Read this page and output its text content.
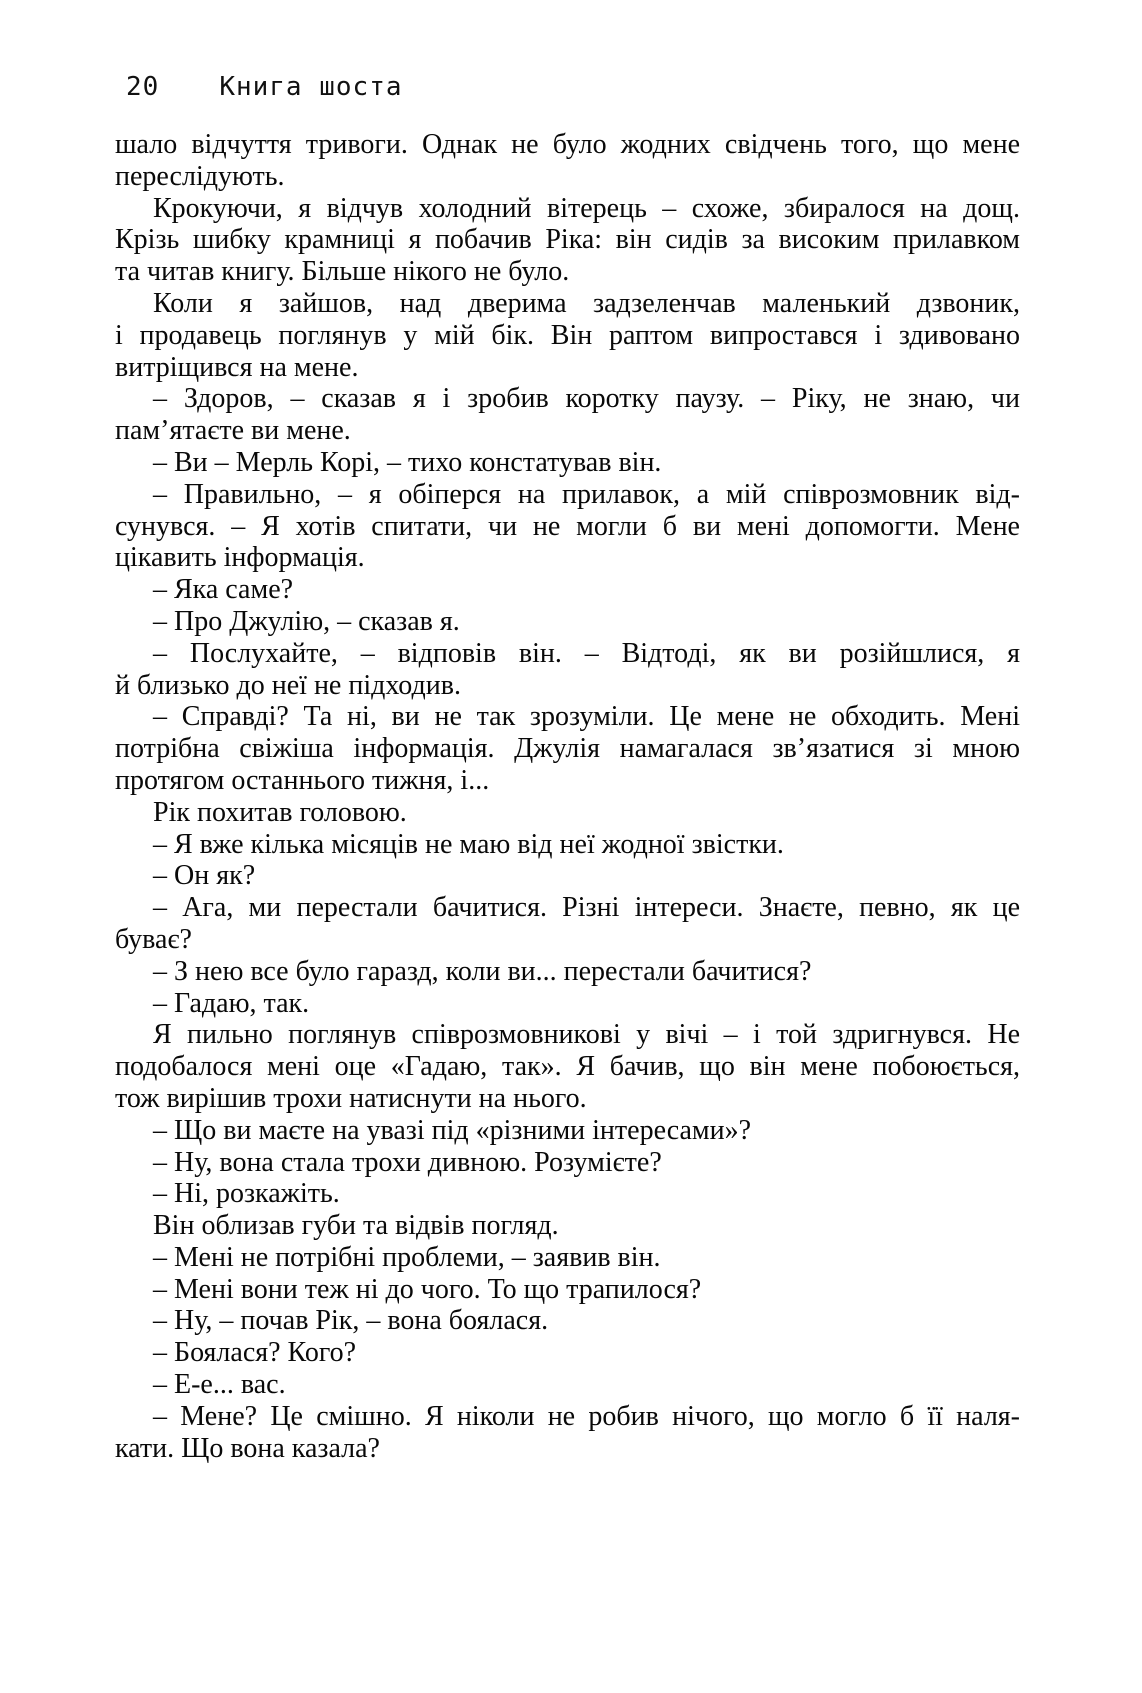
20 Книга шоста
шало відчуття тривоги. Однак не було жодних свідчень того, що мене
переслідують.
Крокуючи, я відчув холодний вітерець – схоже, збиралося на дощ.
Крізь шибку крамниці я побачив Ріка: він сидів за високим прилавком
та читав книгу. Більше нікого не було.
Коли я зайшов, над дверима задзеленчав маленький дзвоник,
і продавець поглянув у мій бік. Він раптом випростався і здивовано
витріщився на мене.
– Здоров, – сказав я і зробив коротку паузу. – Ріку, не знаю, чи
пам’ятаєте ви мене.
– Ви – Мерль Корі, – тихо констатував він.
– Правильно, – я обіперся на прилавок, а мій співрозмовник від-
сунувся. – Я хотів спитати, чи не могли б ви мені допомогти. Мене
цікавить інформація.
– Яка саме?
– Про Джулію, – сказав я.
– Послухайте, – відповів він. – Відтоді, як ви розійшлися, я
й близько до неї не підходив.
– Справді? Та ні, ви не так зрозуміли. Це мене не обходить. Мені
потрібна свіжіша інформація. Джулія намагалася зв’язатися зі мною
протягом останнього тижня, і...
Рік похитав головою.
– Я вже кілька місяців не маю від неї жодної звістки.
– Он як?
– Ага, ми перестали бачитися. Різні інтереси. Знаєте, певно, як це
буває?
– З нею все було гаразд, коли ви... перестали бачитися?
– Гадаю, так.
Я пильно поглянув співрозмовникові у вічі – і той здригнувся. Не
подобалося мені оце «Гадаю, так». Я бачив, що він мене побоюється,
тож вирішив трохи натиснути на нього.
– Що ви маєте на увазі під «різними інтересами»?
– Ну, вона стала трохи дивною. Розумієте?
– Ні, розкажіть.
Він облизав губи та відвів погляд.
– Мені не потрібні проблеми, – заявив він.
– Мені вони теж ні до чого. То що трапилося?
– Ну, – почав Рік, – вона боялася.
– Боялася? Кого?
– Е-е... вас.
– Мене? Це смішно. Я ніколи не робив нічого, що могло б її наля-
кати. Що вона казала?
